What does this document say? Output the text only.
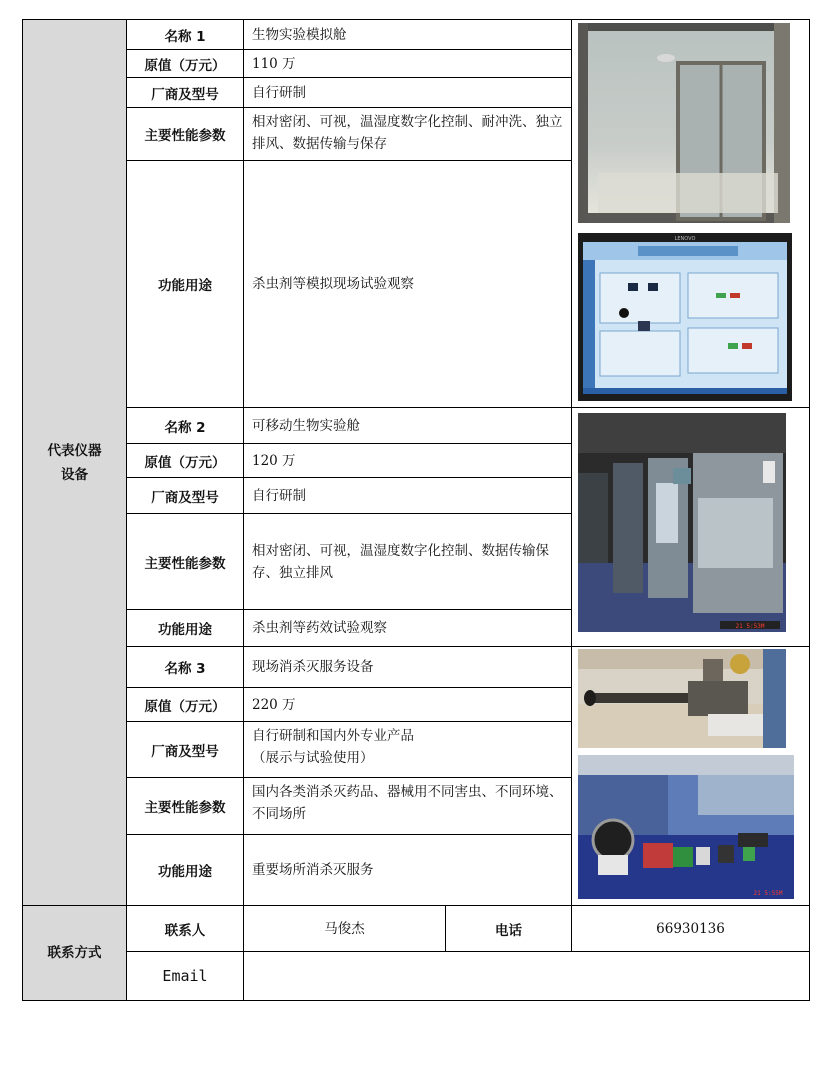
代表仪器
设备
联系方式
名称 1	生物实验模拟舱
原值（万元）	110 万
厂商及型号	自行研制
主要性能参数
相对密闭、可视，温湿度数字化控制、耐冲洗、独立排风、数据传输与保存
功能用途	杀虫剂等模拟现场试验观察
名称 2	可移动生物实验舱
原值（万元）	120 万
厂商及型号	自行研制
主要性能参数
相对密闭、可视，温湿度数字化控制、数据传输保存、独立排风
功能用途	杀虫剂等药效试验观察
名称 3	现场消杀灭服务设备
原值（万元）	220 万
厂商及型号
自行研制和国内外专业产品
（展示与试验使用）
主要性能参数
国内各类消杀灭药品、器械用不同害虫、不同环境、不同场所
功能用途	重要场所消杀灭服务
联系人	马俊杰	电话	66930136
Email
LENOVO
21 5:53M
21 5:55M
